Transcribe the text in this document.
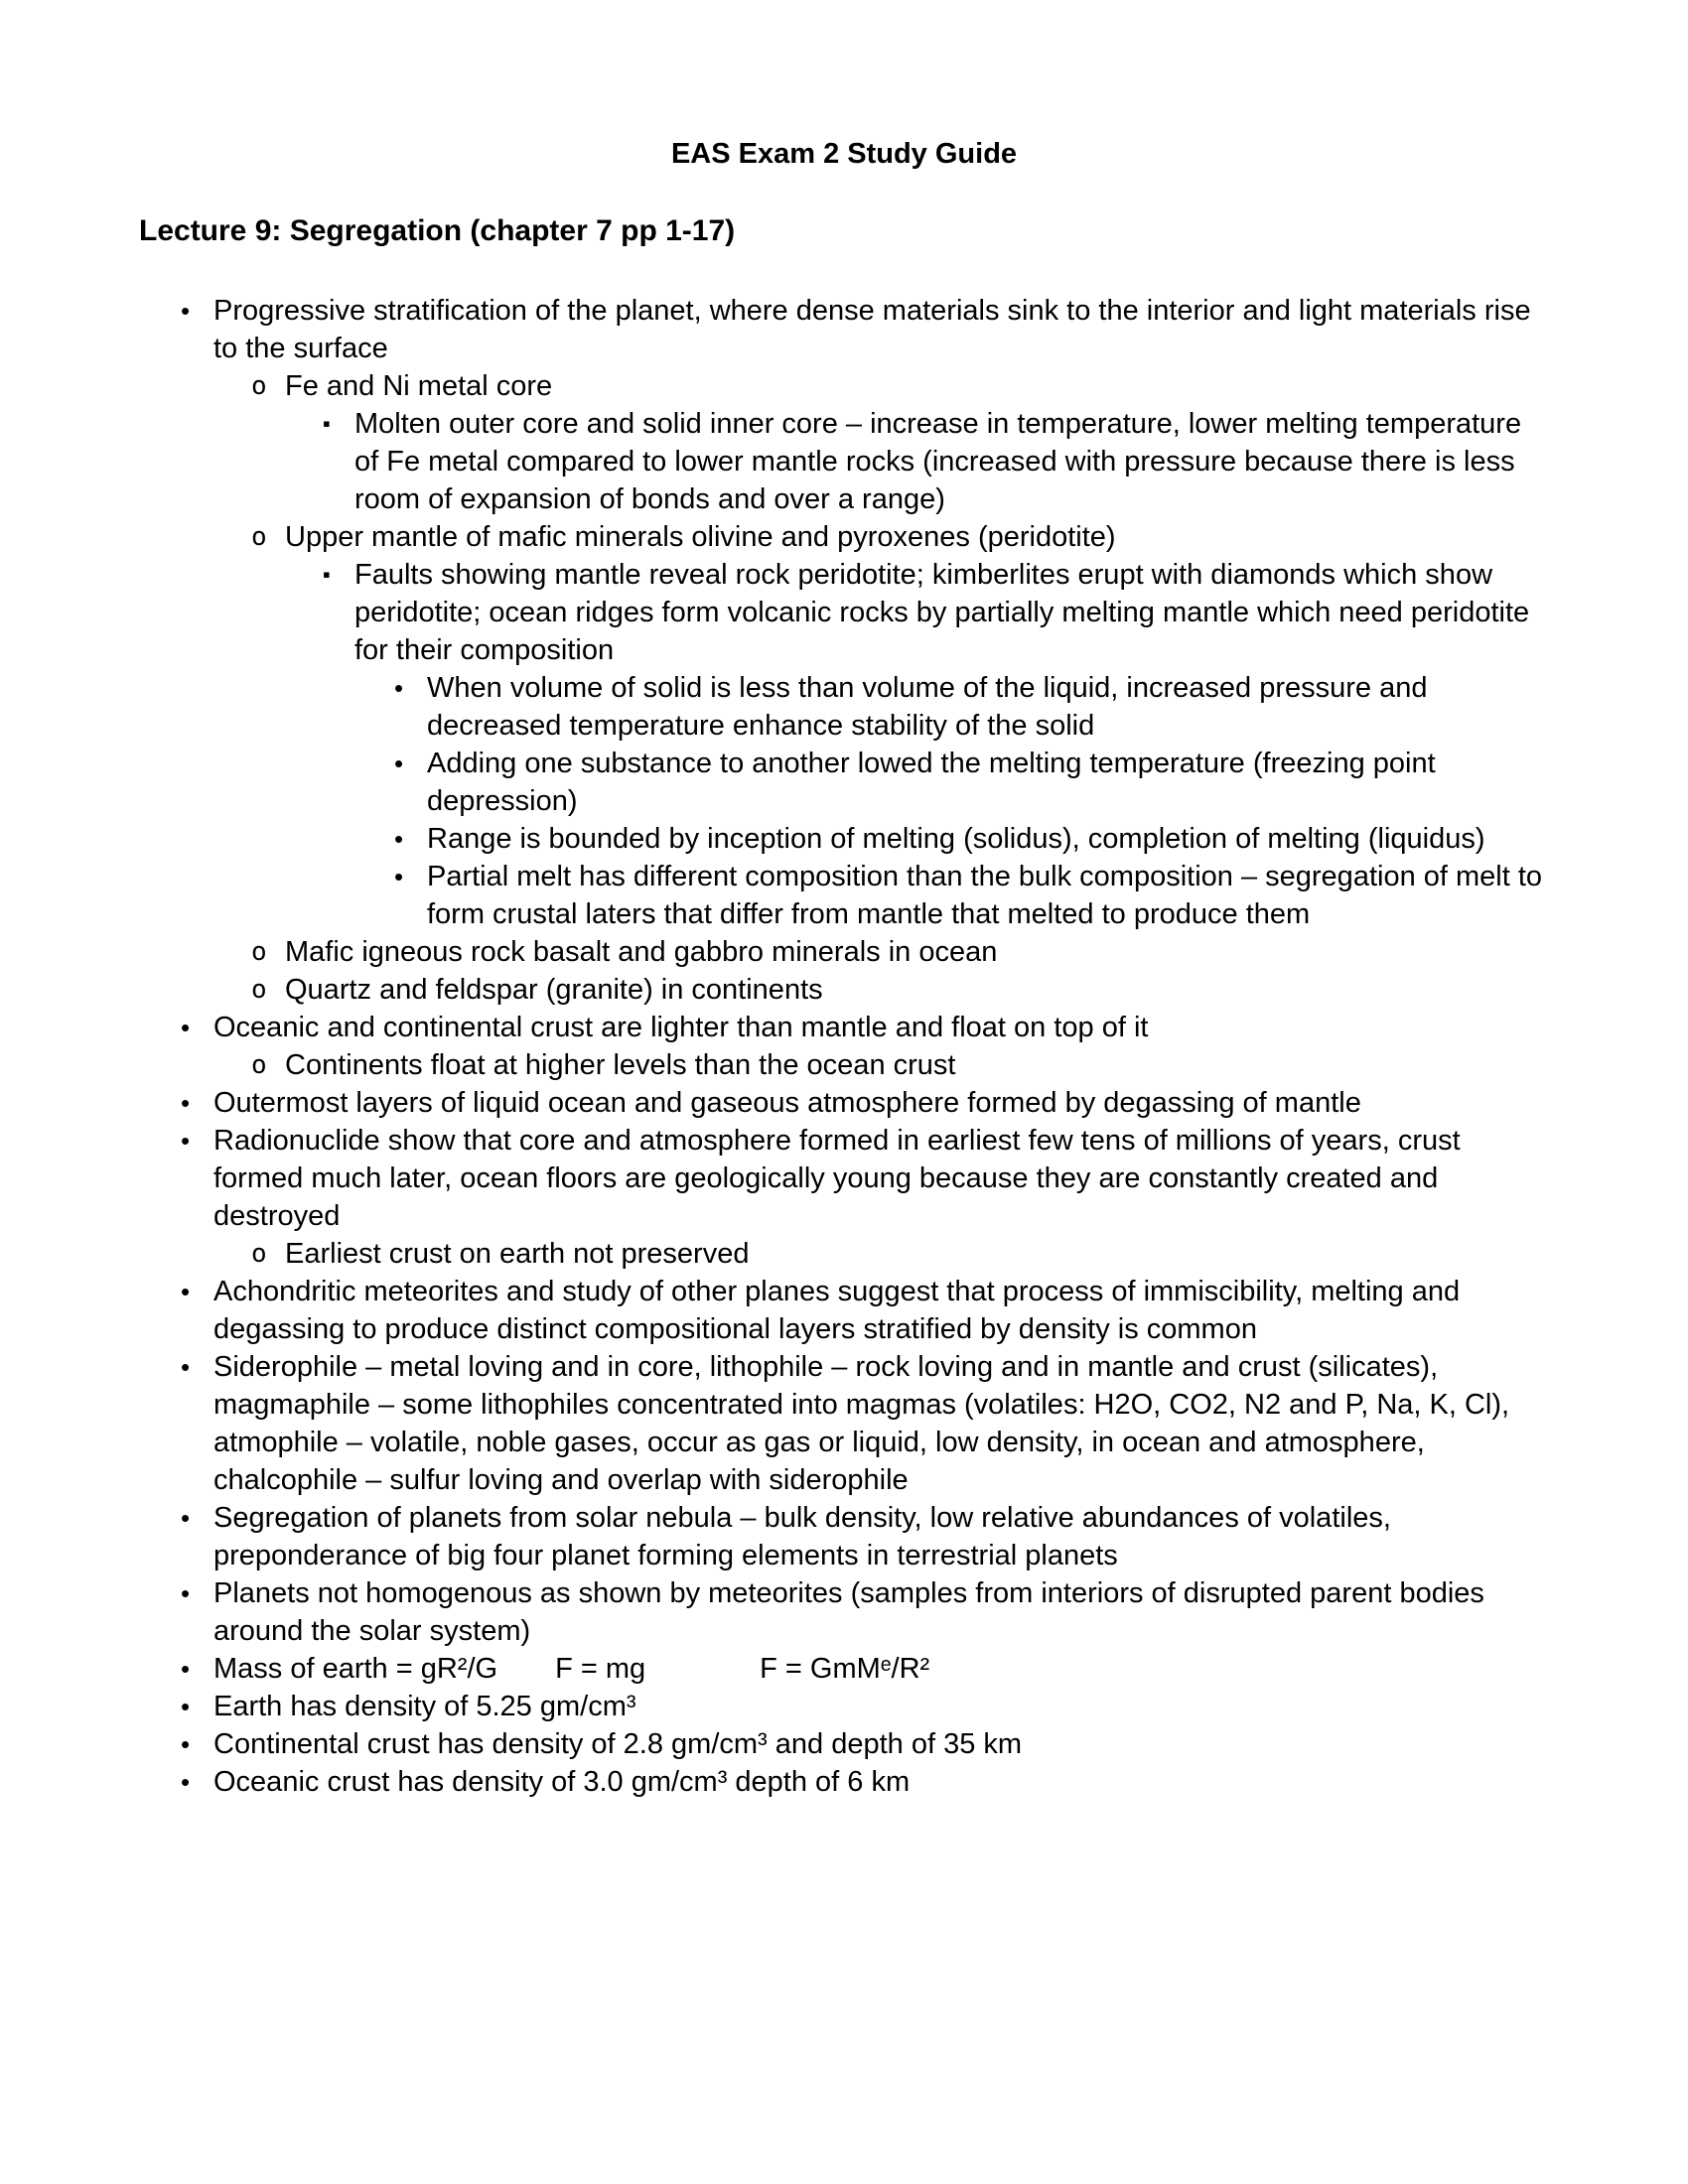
EAS Exam 2 Study Guide
Lecture 9: Segregation (chapter 7 pp 1-17)
• Progressive stratification of the planet, where dense materials sink to the interior and light materials rise to the surface
o Fe and Ni metal core
▪ Molten outer core and solid inner core – increase in temperature, lower melting temperature of Fe metal compared to lower mantle rocks (increased with pressure because there is less room of expansion of bonds and over a range)
o Upper mantle of mafic minerals olivine and pyroxenes (peridotite)
▪ Faults showing mantle reveal rock peridotite; kimberlites erupt with diamonds which show peridotite; ocean ridges form volcanic rocks by partially melting mantle which need peridotite for their composition
• When volume of solid is less than volume of the liquid, increased pressure and decreased temperature enhance stability of the solid
• Adding one substance to another lowed the melting temperature (freezing point depression)
• Range is bounded by inception of melting (solidus), completion of melting (liquidus)
• Partial melt has different composition than the bulk composition – segregation of melt to form crustal laters that differ from mantle that melted to produce them
o Mafic igneous rock basalt and gabbro minerals in ocean
o Quartz and feldspar (granite) in continents
• Oceanic and continental crust are lighter than mantle and float on top of it
o Continents float at higher levels than the ocean crust
• Outermost layers of liquid ocean and gaseous atmosphere formed by degassing of mantle
• Radionuclide show that core and atmosphere formed in earliest few tens of millions of years, crust formed much later, ocean floors are geologically young because they are constantly created and destroyed
o Earliest crust on earth not preserved
• Achondritic meteorites and study of other planes suggest that process of immiscibility, melting and degassing to produce distinct compositional layers stratified by density is common
• Siderophile – metal loving and in core, lithophile – rock loving and in mantle and crust (silicates), magmaphile – some lithophiles concentrated into magmas (volatiles: H2O, CO2, N2 and P, Na, K, Cl), atmophile – volatile, noble gases, occur as gas or liquid, low density, in ocean and atmosphere, chalcophile – sulfur loving and overlap with siderophile
• Segregation of planets from solar nebula – bulk density, low relative abundances of volatiles, preponderance of big four planet forming elements in terrestrial planets
• Planets not homogenous as shown by meteorites (samples from interiors of disrupted parent bodies around the solar system)
• Mass of earth = gR²/G F = mg	F = GmMᵉ/R²
• Earth has density of 5.25 gm/cm³
• Continental crust has density of 2.8 gm/cm³ and depth of 35 km
• Oceanic crust has density of 3.0 gm/cm³ depth of 6 km
